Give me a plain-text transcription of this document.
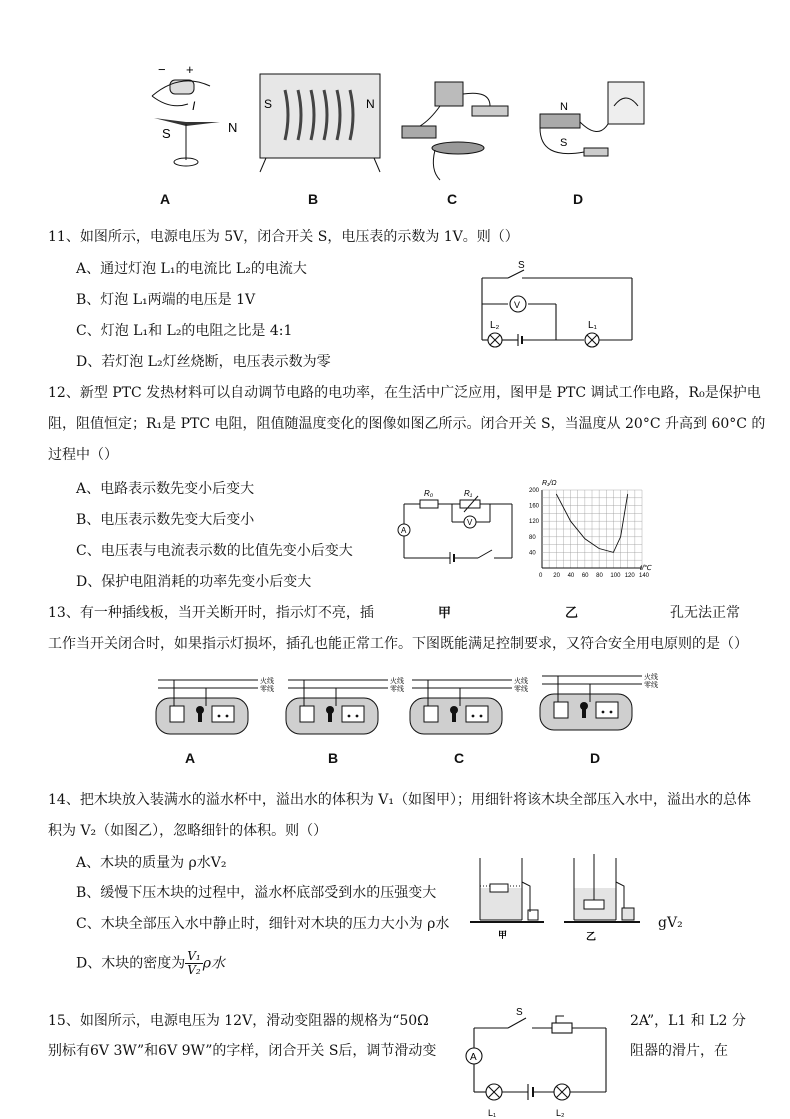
− +
I
S	N
S	N	N
S
A	B	C	D
11、如图所示，电源电压为 5V，闭合开关 S，电压表的示数为 1V。则（）
A、通过灯泡 L₁的电流比 L₂的电流大
B、灯泡 L₁两端的电压是 1V
C、灯泡 L₁和 L₂的电阻之比是 4:1
D、若灯泡 L₂灯丝烧断，电压表示数为零
S
V
L₂	L₁
12、新型 PTC 发热材料可以自动调节电路的电功率，在生活中广泛应用，图甲是 PTC 调试工作电路，R₀是保护电
阻，阻值恒定；R₁是 PTC 电阻，阻值随温度变化的图像如图乙所示。闭合开关 S，当温度从 20°C 升高到 60°C 的
过程中（）
A、电路表示数先变小后变大
B、电压表示数先变大后变小
C、电压表与电流表示数的比值先变小后变大
D、保护电阻消耗的功率先变小后变大
R₀	R₁
A
V
R₁/Ω
t/℃
0 20 40 60 80 100 120 140
40
80
120
160
200
13、有一种插线板，当开关断开时，指示灯不亮，插	甲	乙	孔无法正常
工作当开关闭合时，如果指示灯损坏，插孔也能正常工作。下图既能满足控制要求，又符合安全用电原则的是（）
火线
零线
火线
零线
火线
零线
火线
零线
A	B	C	D
14、把木块放入装满水的溢水杯中，溢出水的体积为 V₁（如图甲）；用细针将该木块全部压入水中，溢出水的总体
积为 V₂（如图乙），忽略细针的体积。则（）
A、木块的质量为 ρ水V₂
B、缓慢下压木块的过程中，溢水杯底部受到水的压强变大
C、木块全部压入水中静止时，细针对木块的压力大小为 ρ水	gV₂
D、木块的密度为 $\frac{\text{V₁}}{\text{V₂}}$ ρ水
甲	乙
15、如图所示，电源电压为 12V，滑动变阻器的规格为“50Ω	2A”，L1 和 L2 分
别标有6V 3W”和6V 9W”的字样，闭合开关 S后，调节滑动变	阻器的滑片，在
S
A
L₁	L₂
